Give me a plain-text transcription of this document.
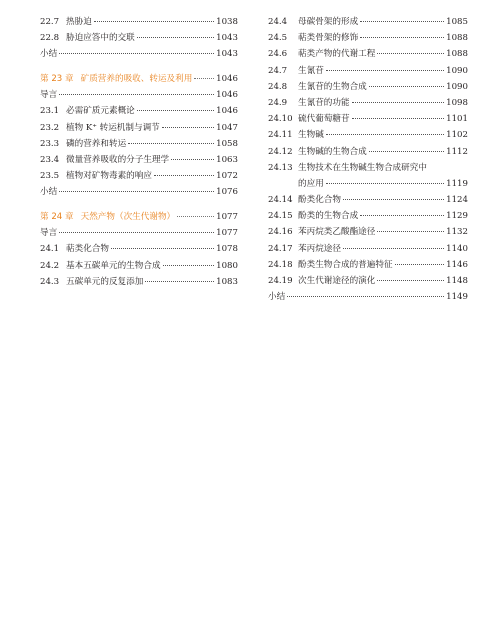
22.7 热胁迫	1038
22.8 胁迫应答中的交联	1043
小结	1043
第 23 章 矿质营养的吸收、转运及利用	1046
导言	1046
23.1 必需矿质元素概论	1046
23.2 植物 K⁺ 转运机制与调节	1047
23.3 磷的营养和转运	1058
23.4 微量营养吸收的分子生理学	1063
23.5 植物对矿物毒素的响应	1072
小结	1076
第 24 章 天然产物（次生代谢物）	1077
导言	1077
24.1 萜类化合物	1078
24.2 基本五碳单元的生物合成	1080
24.3 五碳单元的反复添加	1083
24.4	母碳骨架的形成	1085
24.5	萜类骨架的修饰	1088
24.6	萜类产物的代谢工程	1088
24.7	生氰苷	1090
24.8	生氰苷的生物合成	1090
24.9	生氰苷的功能	1098
24.10 硫代葡萄糖苷	1101
24.11 生物碱	1102
24.12 生物碱的生物合成	1112
24.13 生物技术在生物碱生物合成研究中
的应用	1119
24.14 酚类化合物	1124
24.15 酚类的生物合成	1129
24.16 苯丙烷类乙酸酯途径	1132
24.17 苯丙烷途径	1140
24.18 酚类生物合成的普遍特征	1146
24.19 次生代谢途径的演化	1148
小结	1149
